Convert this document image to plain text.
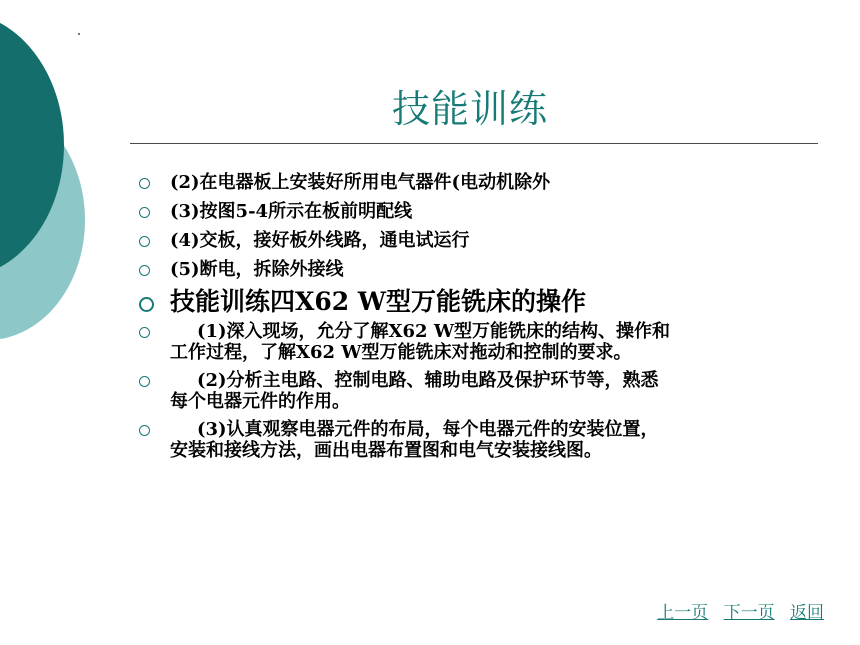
技能训练
(2)在电器板上安装好所用电气器件(电动机除外
(3)按图5-4所示在板前明配线
(4)交板，接好板外线路，通电试运行
(5)断电，拆除外接线
技能训练四X62 W型万能铣床的操作
(1)深入现场，允分了解X62 W型万能铣床的结构、操作和
工作过程，了解X62 W型万能铣床对拖动和控制的要求。
(2)分析主电路、控制电路、辅助电路及保护环节等，熟悉
每个电器元件的作用。
(3)认真观察电器元件的布局，每个电器元件的安装位置，
安装和接线方法，画出电器布置图和电气安装接线图。
上一页 下一页 返回
